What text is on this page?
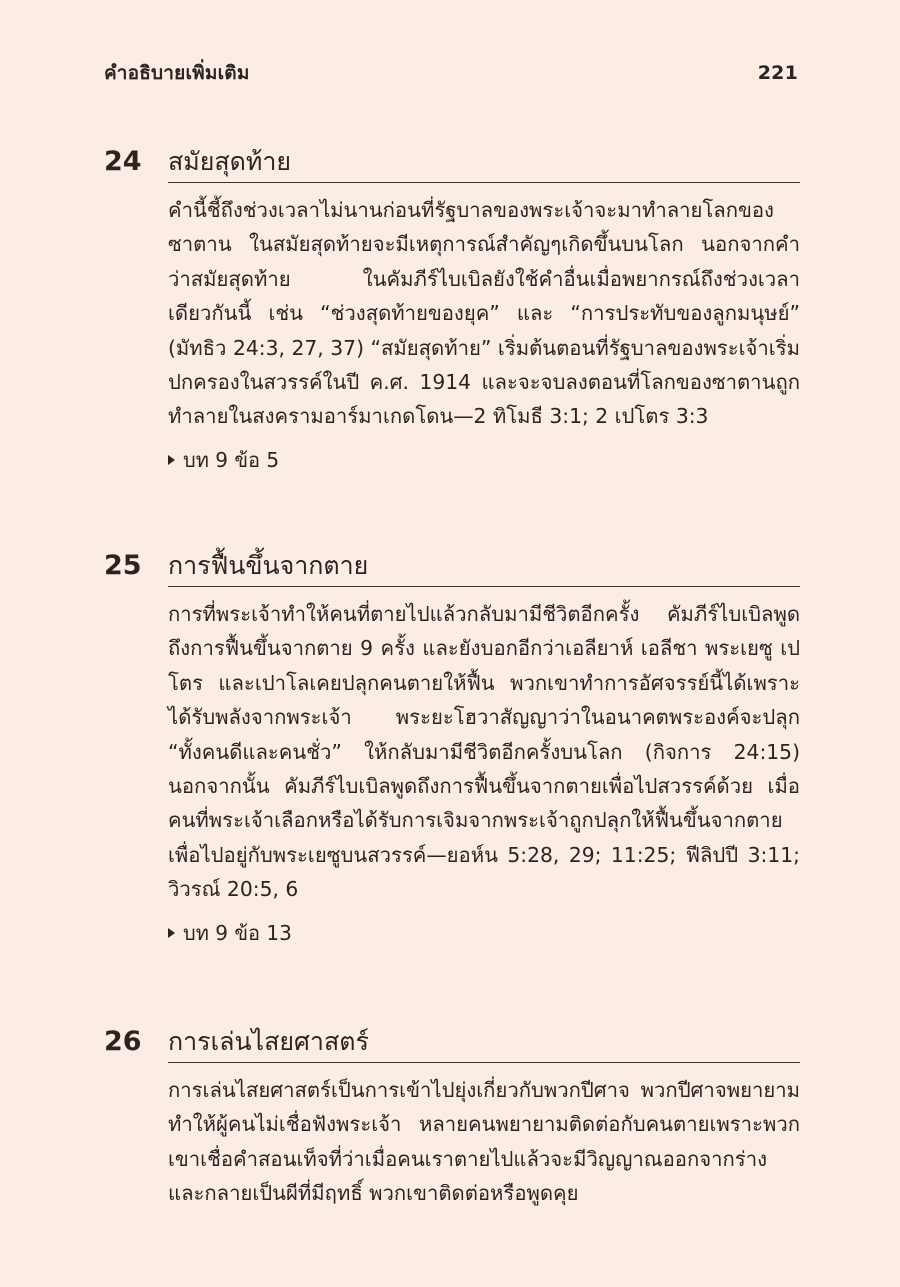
คำอธิบายเพิ่มเติม	221
24	สมัยสุดท้าย

คำนี้ชี้ถึงช่วงเวลาไม่นานก่อนที่รัฐบาลของพระเจ้าจะมาทำลายโลกของซาตาน ในสมัยสุดท้ายจะมีเหตุการณ์สำคัญๆเกิดขึ้นบนโลก นอกจากคำว่าสมัยสุดท้าย ในคัมภีร์ไบเบิลยังใช้คำอื่นเมื่อพยากรณ์ถึงช่วงเวลาเดียวกันนี้ เช่น “ช่วงสุดท้ายของยุค” และ “การประทับของลูกมนุษย์” (มัทธิว 24:3, 27, 37) “สมัยสุดท้าย” เริ่มต้นตอนที่รัฐบาลของพระเจ้าเริ่มปกครองในสวรรค์ในปี ค.ศ. 1914 และจะจบลงตอนที่โลกของซาตานถูกทำลายในสงครามอาร์มาเกดโดน—2 ทิโมธี 3:1; 2 เปโตร 3:3

บท 9 ข้อ 5
25	การฟื้นขึ้นจากตาย

การที่พระเจ้าทำให้คนที่ตายไปแล้วกลับมามีชีวิตอีกครั้ง คัมภีร์ไบเบิลพูดถึงการฟื้นขึ้นจากตาย 9 ครั้ง และยังบอกอีกว่าเอลียาห์ เอลีชา พระเยซู เปโตร และเปาโลเคยปลุกคนตายให้ฟื้น พวกเขาทำการอัศจรรย์นี้ได้เพราะได้รับพลังจากพระเจ้า พระยะโฮวาสัญญาว่าในอนาคตพระองค์จะปลุก “ทั้งคนดีและคนชั่ว” ให้กลับมามีชีวิตอีกครั้งบนโลก (กิจการ 24:15) นอกจากนั้น คัมภีร์ไบเบิลพูดถึงการฟื้นขึ้นจากตายเพื่อไปสวรรค์ด้วย เมื่อคนที่พระเจ้าเลือกหรือได้รับการเจิมจากพระเจ้าถูกปลุกให้ฟื้นขึ้นจากตายเพื่อไปอยู่กับพระเยซูบนสวรรค์—ยอห์น 5:28, 29; 11:25; ฟีลิปปี 3:11; วิวรณ์ 20:5, 6

บท 9 ข้อ 13
26	การเล่นไสยศาสตร์

การเล่นไสยศาสตร์เป็นการเข้าไปยุ่งเกี่ยวกับพวกปีศาจ พวกปีศาจพยายามทำให้ผู้คนไม่เชื่อฟังพระเจ้า หลายคนพยายามติดต่อกับคนตายเพราะพวกเขาเชื่อคำสอนเท็จที่ว่าเมื่อคนเราตายไปแล้วจะมีวิญญาณออกจากร่างและกลายเป็นผีที่มีฤทธิ์ พวกเขาติดต่อหรือพูดคุย
